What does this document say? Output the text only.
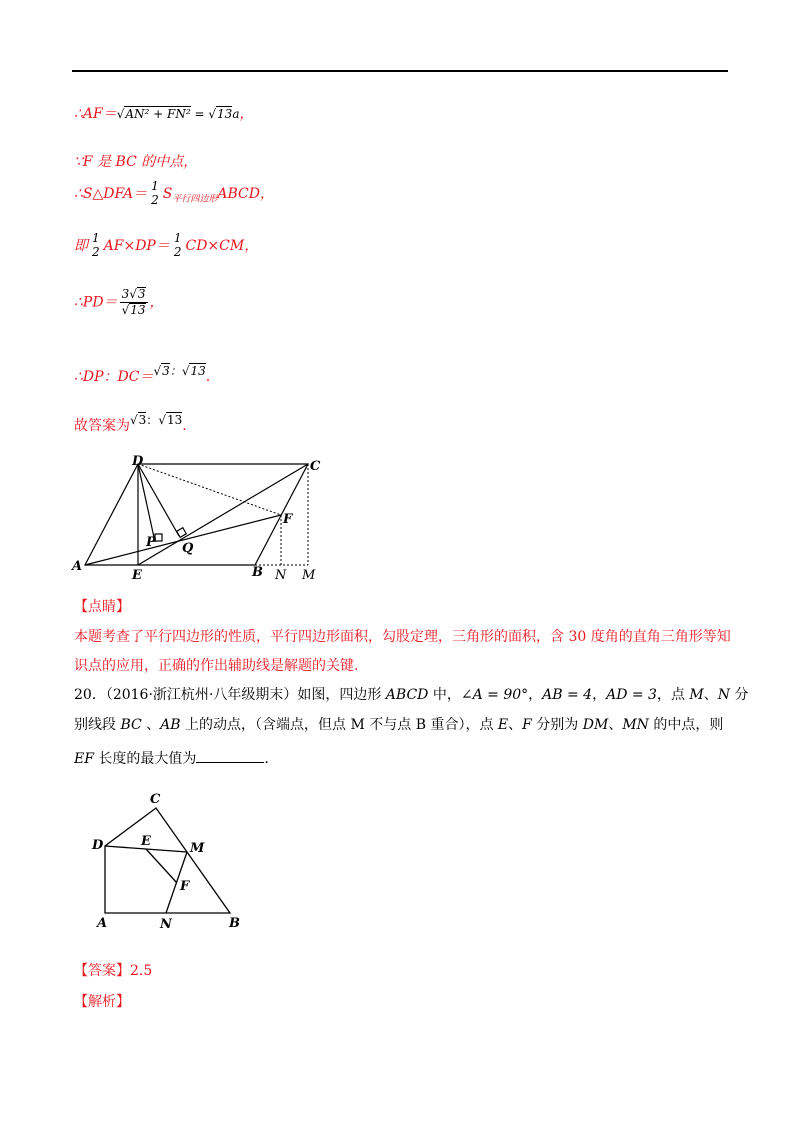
∴AF＝√AN² + FN² = √13a，
∵F 是 BC 的中点，
∴S△DFA＝ 1
2 $S_{平行四边形}ABCD$，
即 1
2 AF×DP＝ 1
2 CD×CM，
∴PD＝ $\frac{3√3}{√13}$ ，
∴DP：DC＝√3：√13.
故答案为√3：√13.
D	C
A
E	B N M
F
P Q
【点睛】
本题考查了平行四边形的性质，平行四边形面积，勾股定理，三角形的面积，含 30 度角的直角三角形等知
识点的应用，正确的作出辅助线是解题的关键.
20．（2016·浙江杭州·八年级期末）如图，四边形 ABCD 中，∠A = 90°，AB = 4，AD = 3，点 M、N 分
别线段 BC 、AB 上的动点，（含端点，但点 M 不与点 B 重合），点 E、F 分别为 DM、MN 的中点，则
EF 长度的最大值为	.
C
D	E	M
F
A	N	B
【答案】2.5
【解析】
